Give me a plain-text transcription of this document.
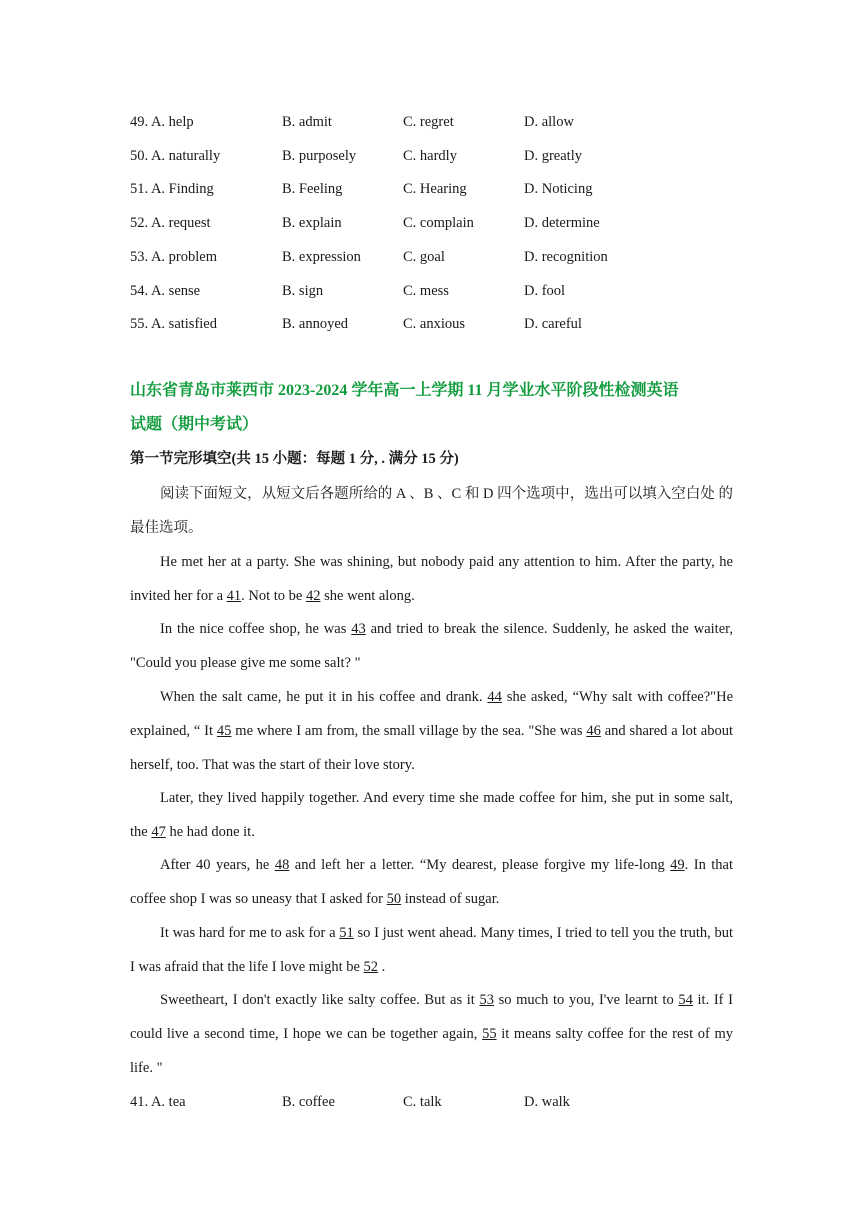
49. A. help	B. admit	C. regret	D. allow
50. A. naturally	B. purposely	C. hardly	D. greatly
51. A. Finding	B. Feeling	C. Hearing	D. Noticing
52. A. request	B. explain	C. complain	D. determine
53. A. problem	B. expression	C. goal	D. recognition
54. A. sense	B. sign	C. mess	D. fool
55. A. satisfied	B. annoyed	C. anxious	D. careful
山东省青岛市莱西市 2023-2024 学年高一上学期 11 月学业水平阶段性检测英语
试题（期中考试）
第一节完形填空(共 15 小题：每题 1 分, . 满分 15 分)
阅读下面短文，从短文后各题所给的 A 、B 、C 和 D 四个选项中，选出可以填入空白处 的最佳选项。
He met her at a party. She was shining, but nobody paid any attention to him. After the party, he invited her for a 41. Not to be 42 she went along.
In the nice coffee shop, he was 43 and tried to break the silence. Suddenly, he asked the waiter, "Could you please give me some salt? "
When the salt came, he put it in his coffee and drank. 44 she asked, “Why salt with coffee?"He explained, “ It 45 me where I am from, the small village by the sea. "She was 46 and shared a lot about herself, too. That was the start of their love story.
Later, they lived happily together. And every time she made coffee for him, she put in some salt, the 47 he had done it.
After 40 years, he 48 and left her a letter. “My dearest, please forgive my life-long 49. In that coffee shop I was so uneasy that I asked for 50 instead of sugar.
It was hard for me to ask for a 51 so I just went ahead. Many times, I tried to tell you the truth, but I was afraid that the life I love might be 52 .
Sweetheart, I don't exactly like salty coffee. But as it 53 so much to you, I've learnt to 54 it. If I could live a second time, I hope we can be together again, 55 it means salty coffee for the rest of my life. "
41. A. tea	B. coffee	C. talk	D. walk
